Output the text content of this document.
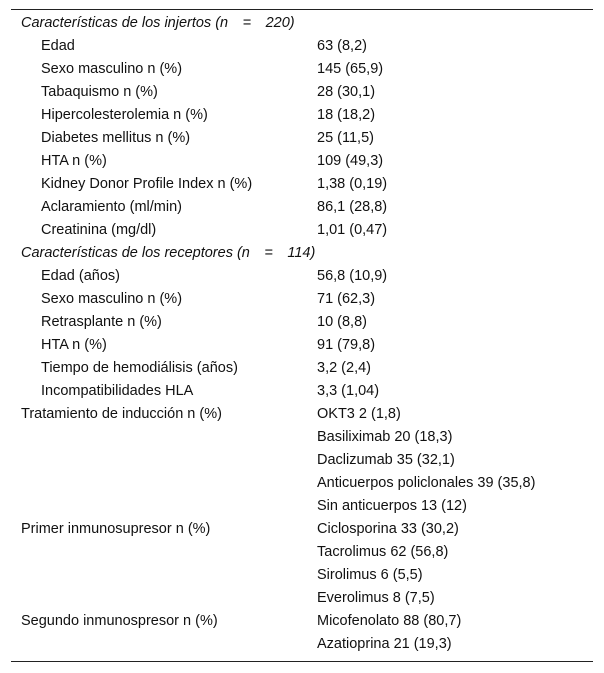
Características de los injertos (n = 220)
Edad	63 (8,2)
Sexo masculino n (%)	145 (65,9)
Tabaquismo n (%)	28 (30,1)
Hipercolesterolemia n (%)	18 (18,2)
Diabetes mellitus n (%)	25 (11,5)
HTA n (%)	109 (49,3)
Kidney Donor Profile Index n (%)	1,38 (0,19)
Aclaramiento (ml/min)	86,1 (28,8)
Creatinina (mg/dl)	1,01 (0,47)
Características de los receptores (n = 114)
Edad (años)	56,8 (10,9)
Sexo masculino n (%)	71 (62,3)
Retrasplante n (%)	10 (8,8)
HTA n (%)	91 (79,8)
Tiempo de hemodiálisis (años)	3,2 (2,4)
Incompatibilidades HLA	3,3 (1,04)
Tratamiento de inducción n (%)	OKT3 2 (1,8)
Basiliximab 20 (18,3)
Daclizumab 35 (32,1)
Anticuerpos policlonales 39 (35,8)
Sin anticuerpos 13 (12)
Primer inmunosupresor n (%)	Ciclosporina 33 (30,2)
Tacrolimus 62 (56,8)
Sirolimus 6 (5,5)
Everolimus 8 (7,5)
Segundo inmunospresor n (%)	Micofenolato 88 (80,7)
Azatioprina 21 (19,3)
